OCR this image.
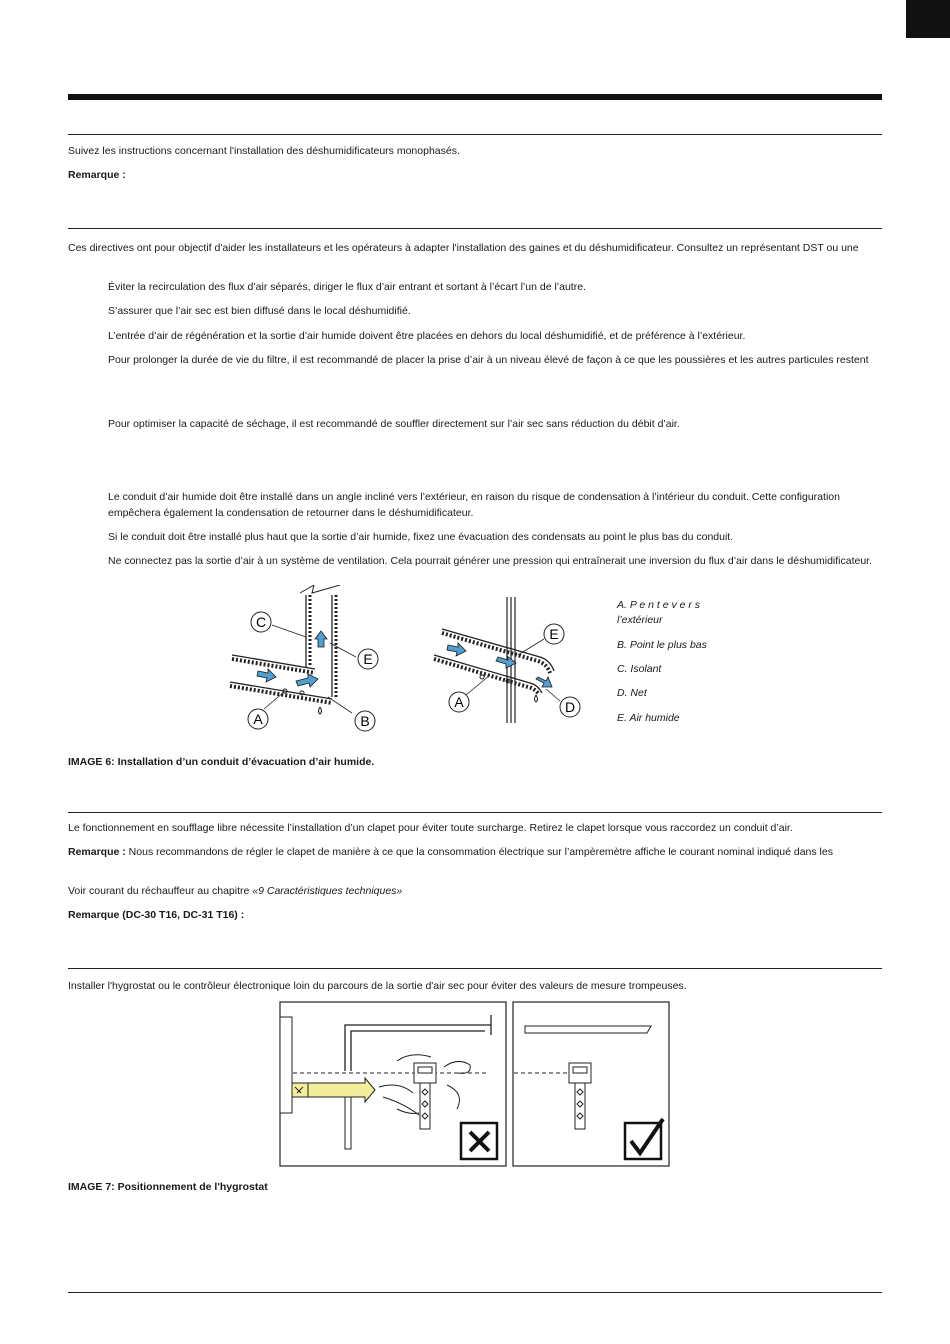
Suivez les instructions concernant l'installation des déshumidificateurs monophasés.
Remarque :
Ces directives ont pour objectif d'aider les installateurs et les opérateurs à adapter l'installation des gaines et du déshumidificateur. Consultez un représentant DST ou une
Éviter la recirculation des flux d’air séparés, diriger le flux d’air entrant et sortant à l’écart l’un de l’autre.
S’assurer que l’air sec est bien diffusé dans le local déshumidifié.
L’entrée d’air de régénération et la sortie d’air humide doivent être placées en dehors du local déshumidifié, et de préférence à l’extérieur.
Pour prolonger la durée de vie du filtre, il est recommandé de placer la prise d’air à un niveau élevé de façon à ce que les poussières et les autres particules restent
Pour optimiser la capacité de séchage, il est recommandé de souffler directement sur l’air sec sans réduction du débit d’air.
Le conduit d’air humide doit être installé dans un angle incliné vers l’extérieur, en raison du risque de condensation à l’intérieur du conduit. Cette configuration
empêchera également la condensation de retourner dans le déshumidificateur.
Si le conduit doit être installé plus haut que la sortie d’air humide, fixez une évacuation des condensats au point le plus bas du conduit.
Ne connectez pas la sortie d’air à un système de ventilation. Cela pourrait générer une pression qui entraînerait une inversion du flux d’air dans le déshumidificateur.
C
E
A	B
E
A	D
A. P e n t e v e r s
l’extérieur
B. Point le plus bas
C. Isolant
D. Net
E. Air humide
IMAGE 6: Installation d’un conduit d’évacuation d’air humide.
Le fonctionnement en soufflage libre nécessite l’installation d’un clapet pour éviter toute surcharge. Retirez le clapet lorsque vous raccordez un conduit d’air.
Remarque : Nous recommandons de régler le clapet de manière à ce que la consommation électrique sur l’ampèremètre affiche le courant nominal indiqué dans les
Voir courant du réchauffeur au chapitre «9 Caractéristiques techniques»
Remarque (DC-30 T16, DC-31 T16) :
Installer l'hygrostat ou le contrôleur électronique loin du parcours de la sortie d'air sec pour éviter des valeurs de mesure trompeuses.
IMAGE 7: Positionnement de l'hygrostat
